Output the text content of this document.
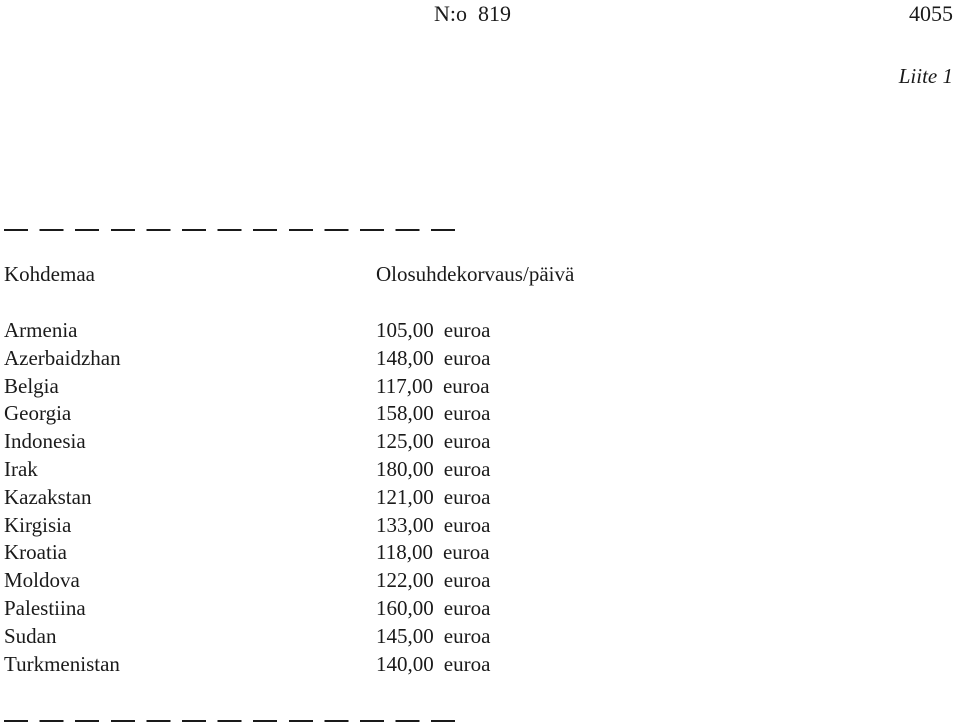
N:o  819	4055
Liite 1
Kohdemaa	Olosuhdekorvaus/päivä
Armenia	105,00 euroa
Azerbaidzhan	148,00 euroa
Belgia	117,00 euroa
Georgia	158,00 euroa
Indonesia	125,00 euroa
Irak	180,00 euroa
Kazakstan	121,00 euroa
Kirgisia	133,00 euroa
Kroatia	118,00 euroa
Moldova	122,00 euroa
Palestiina	160,00 euroa
Sudan	145,00 euroa
Turkmenistan	140,00 euroa
